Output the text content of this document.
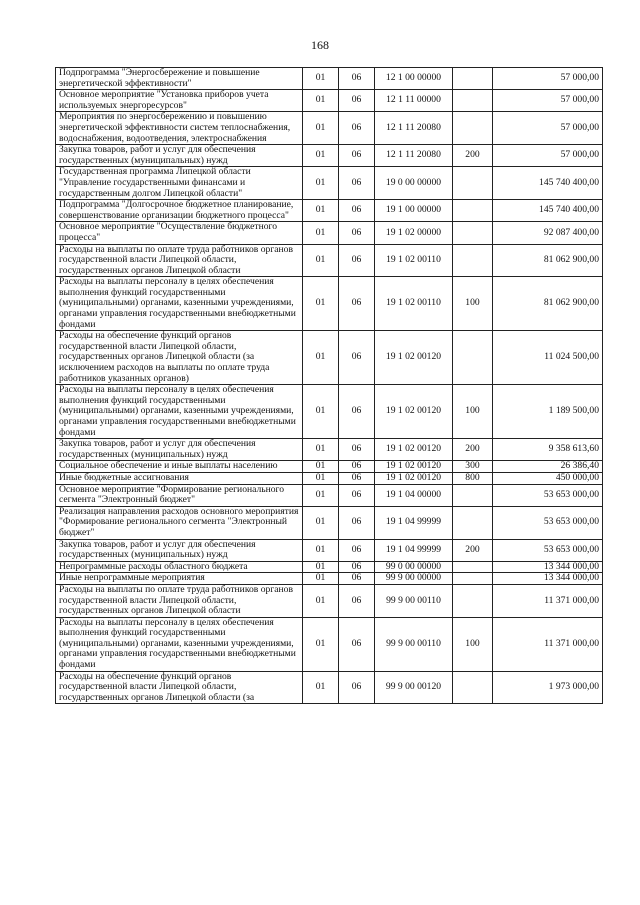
168
Подпрограмма "Энергосбережение и повышение энергетической эффективности"	01	06	12 1 00 00000		57 000,00
Основное мероприятие "Установка приборов учета используемых энергоресурсов"	01	06	12 1 11 00000		57 000,00
Мероприятия по энергосбережению и повышению энергетической эффективности систем теплоснабжения, водоснабжения, водоотведения, электроснабжения	01	06	12 1 11 20080		57 000,00
Закупка товаров, работ и услуг для обеспечения государственных (муниципальных) нужд	01	06	12 1 11 20080	200	57 000,00
Государственная программа Липецкой области "Управление государственными финансами и государственным долгом Липецкой области"	01	06	19 0 00 00000		145 740 400,00
Подпрограмма "Долгосрочное бюджетное планирование, совершенствование организации бюджетного процесса"	01	06	19 1 00 00000		145 740 400,00
Основное мероприятие "Осуществление бюджетного процесса"	01	06	19 1 02 00000		92 087 400,00
Расходы на выплаты по оплате труда работников органов государственной власти Липецкой области, государственных органов Липецкой области	01	06	19 1 02 00110		81 062 900,00
Расходы на выплаты персоналу в целях обеспечения выполнения функций государственными (муниципальными) органами, казенными учреждениями, органами управления государственными внебюджетными фондами	01	06	19 1 02 00110	100	81 062 900,00
Расходы на обеспечение функций органов государственной власти Липецкой области, государственных органов Липецкой области (за исключением расходов на выплаты по оплате труда работников указанных органов)	01	06	19 1 02 00120		11 024 500,00
Расходы на выплаты персоналу в целях обеспечения выполнения функций государственными (муниципальными) органами, казенными учреждениями, органами управления государственными внебюджетными фондами	01	06	19 1 02 00120	100	1 189 500,00
Закупка товаров, работ и услуг для обеспечения государственных (муниципальных) нужд	01	06	19 1 02 00120	200	9 358 613,60
Социальное обеспечение и иные выплаты населению	01	06	19 1 02 00120	300	26 386,40
Иные бюджетные ассигнования	01	06	19 1 02 00120	800	450 000,00
Основное мероприятие "Формирование регионального сегмента "Электронный бюджет"	01	06	19 1 04 00000		53 653 000,00
Реализация направления расходов основного мероприятия "Формирование регионального сегмента "Электронный бюджет"	01	06	19 1 04 99999		53 653 000,00
Закупка товаров, работ и услуг для обеспечения государственных (муниципальных) нужд	01	06	19 1 04 99999	200	53 653 000,00
Непрограммные расходы областного бюджета	01	06	99 0 00 00000		13 344 000,00
Иные непрограммные мероприятия	01	06	99 9 00 00000		13 344 000,00
Расходы на выплаты по оплате труда работников органов государственной власти Липецкой области, государственных органов Липецкой области	01	06	99 9 00 00110		11 371 000,00
Расходы на выплаты персоналу в целях обеспечения выполнения функций государственными (муниципальными) органами, казенными учреждениями, органами управления государственными внебюджетными фондами	01	06	99 9 00 00110	100	11 371 000,00
Расходы на обеспечение функций органов государственной власти Липецкой области, государственных органов Липецкой области (за	01	06	99 9 00 00120		1 973 000,00
